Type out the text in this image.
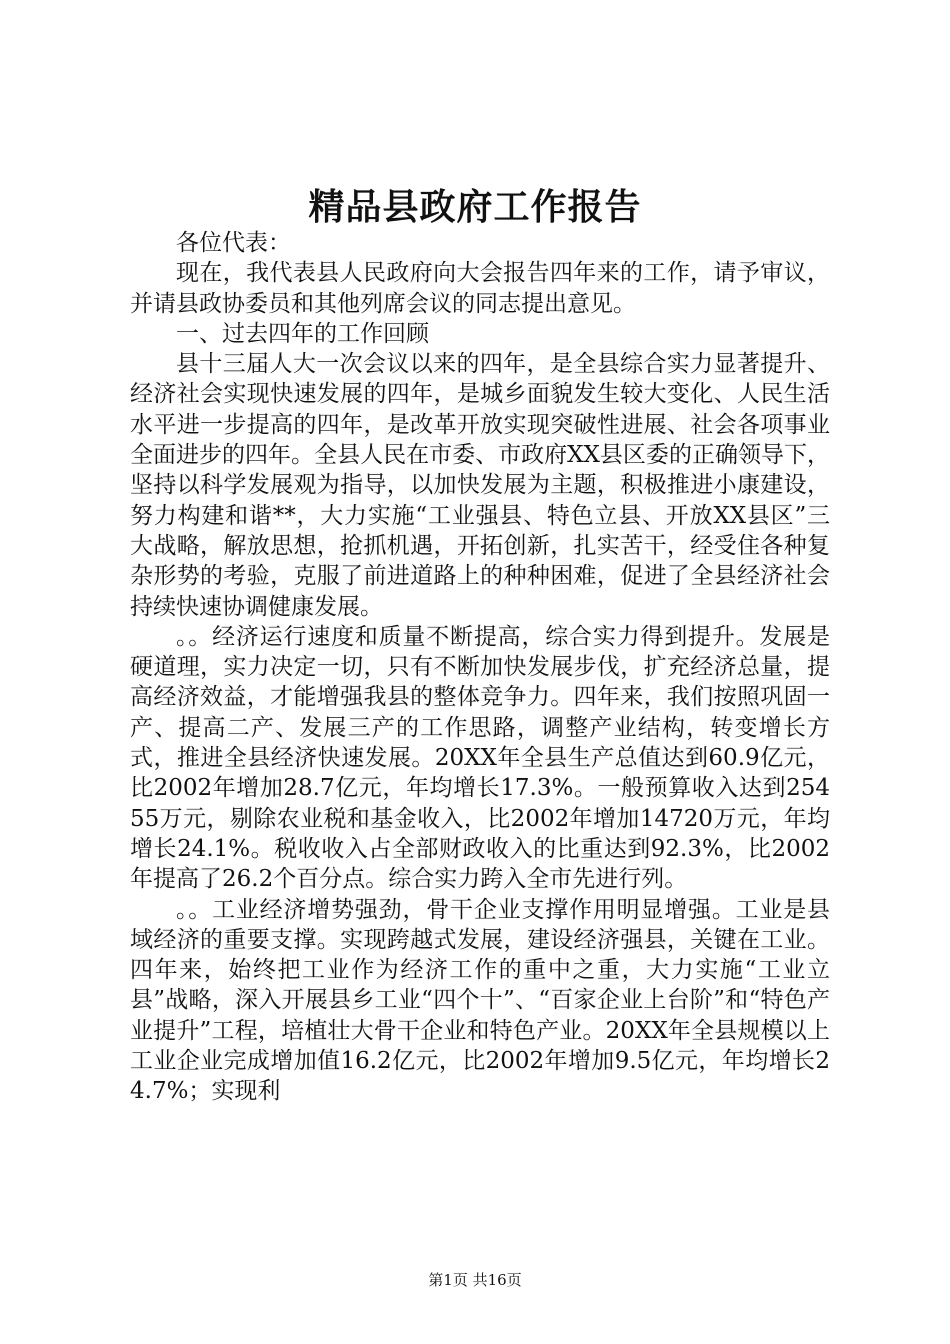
精品县政府工作报告

各位代表：

现在，我代表县人民政府向大会报告四年来的工作，请予审议，并请县政协委员和其他列席会议的同志提出意见。

一、过去四年的工作回顾

县十三届人大一次会议以来的四年，是全县综合实力显著提升、经济社会实现快速发展的四年，是城乡面貌发生较大变化、人民生活水平进一步提高的四年，是改革开放实现突破性进展、社会各项事业全面进步的四年。全县人民在市委、市政府XX县区委的正确领导下，坚持以科学发展观为指导，以加快发展为主题，积极推进小康建设，努力构建和谐**，大力实施“工业强县、特色立县、开放XX县区”三大战略，解放思想，抢抓机遇，开拓创新，扎实苦干，经受住各种复杂形势的考验，克服了前进道路上的种种困难，促进了全县经济社会持续快速协调健康发展。

。。经济运行速度和质量不断提高，综合实力得到提升。发展是硬道理，实力决定一切，只有不断加快发展步伐，扩充经济总量，提高经济效益，才能增强我县的整体竞争力。四年来，我们按照巩固一产、提高二产、发展三产的工作思路，调整产业结构，转变增长方式，推进全县经济快速发展。20XX年全县生产总值达到60.9亿元，比2002年增加28.7亿元，年均增长17.3%。一般预算收入达到25455万元，剔除农业税和基金收入，比2002年增加14720万元，年均增长24.1%。税收收入占全部财政收入的比重达到92.3%，比2002年提高了26.2个百分点。综合实力跨入全市先进行列。

。。工业经济增势强劲，骨干企业支撑作用明显增强。工业是县域经济的重要支撑。实现跨越式发展，建设经济强县，关键在工业。四年来，始终把工业作为经济工作的重中之重，大力实施“工业立县”战略，深入开展县乡工业“四个十”、“百家企业上台阶”和“特色产业提升”工程，培植壮大骨干企业和特色产业。20XX年全县规模以上工业企业完成增加值16.2亿元，比2002年增加9.5亿元，年均增长24.7%；实现利

第1页 共16页
